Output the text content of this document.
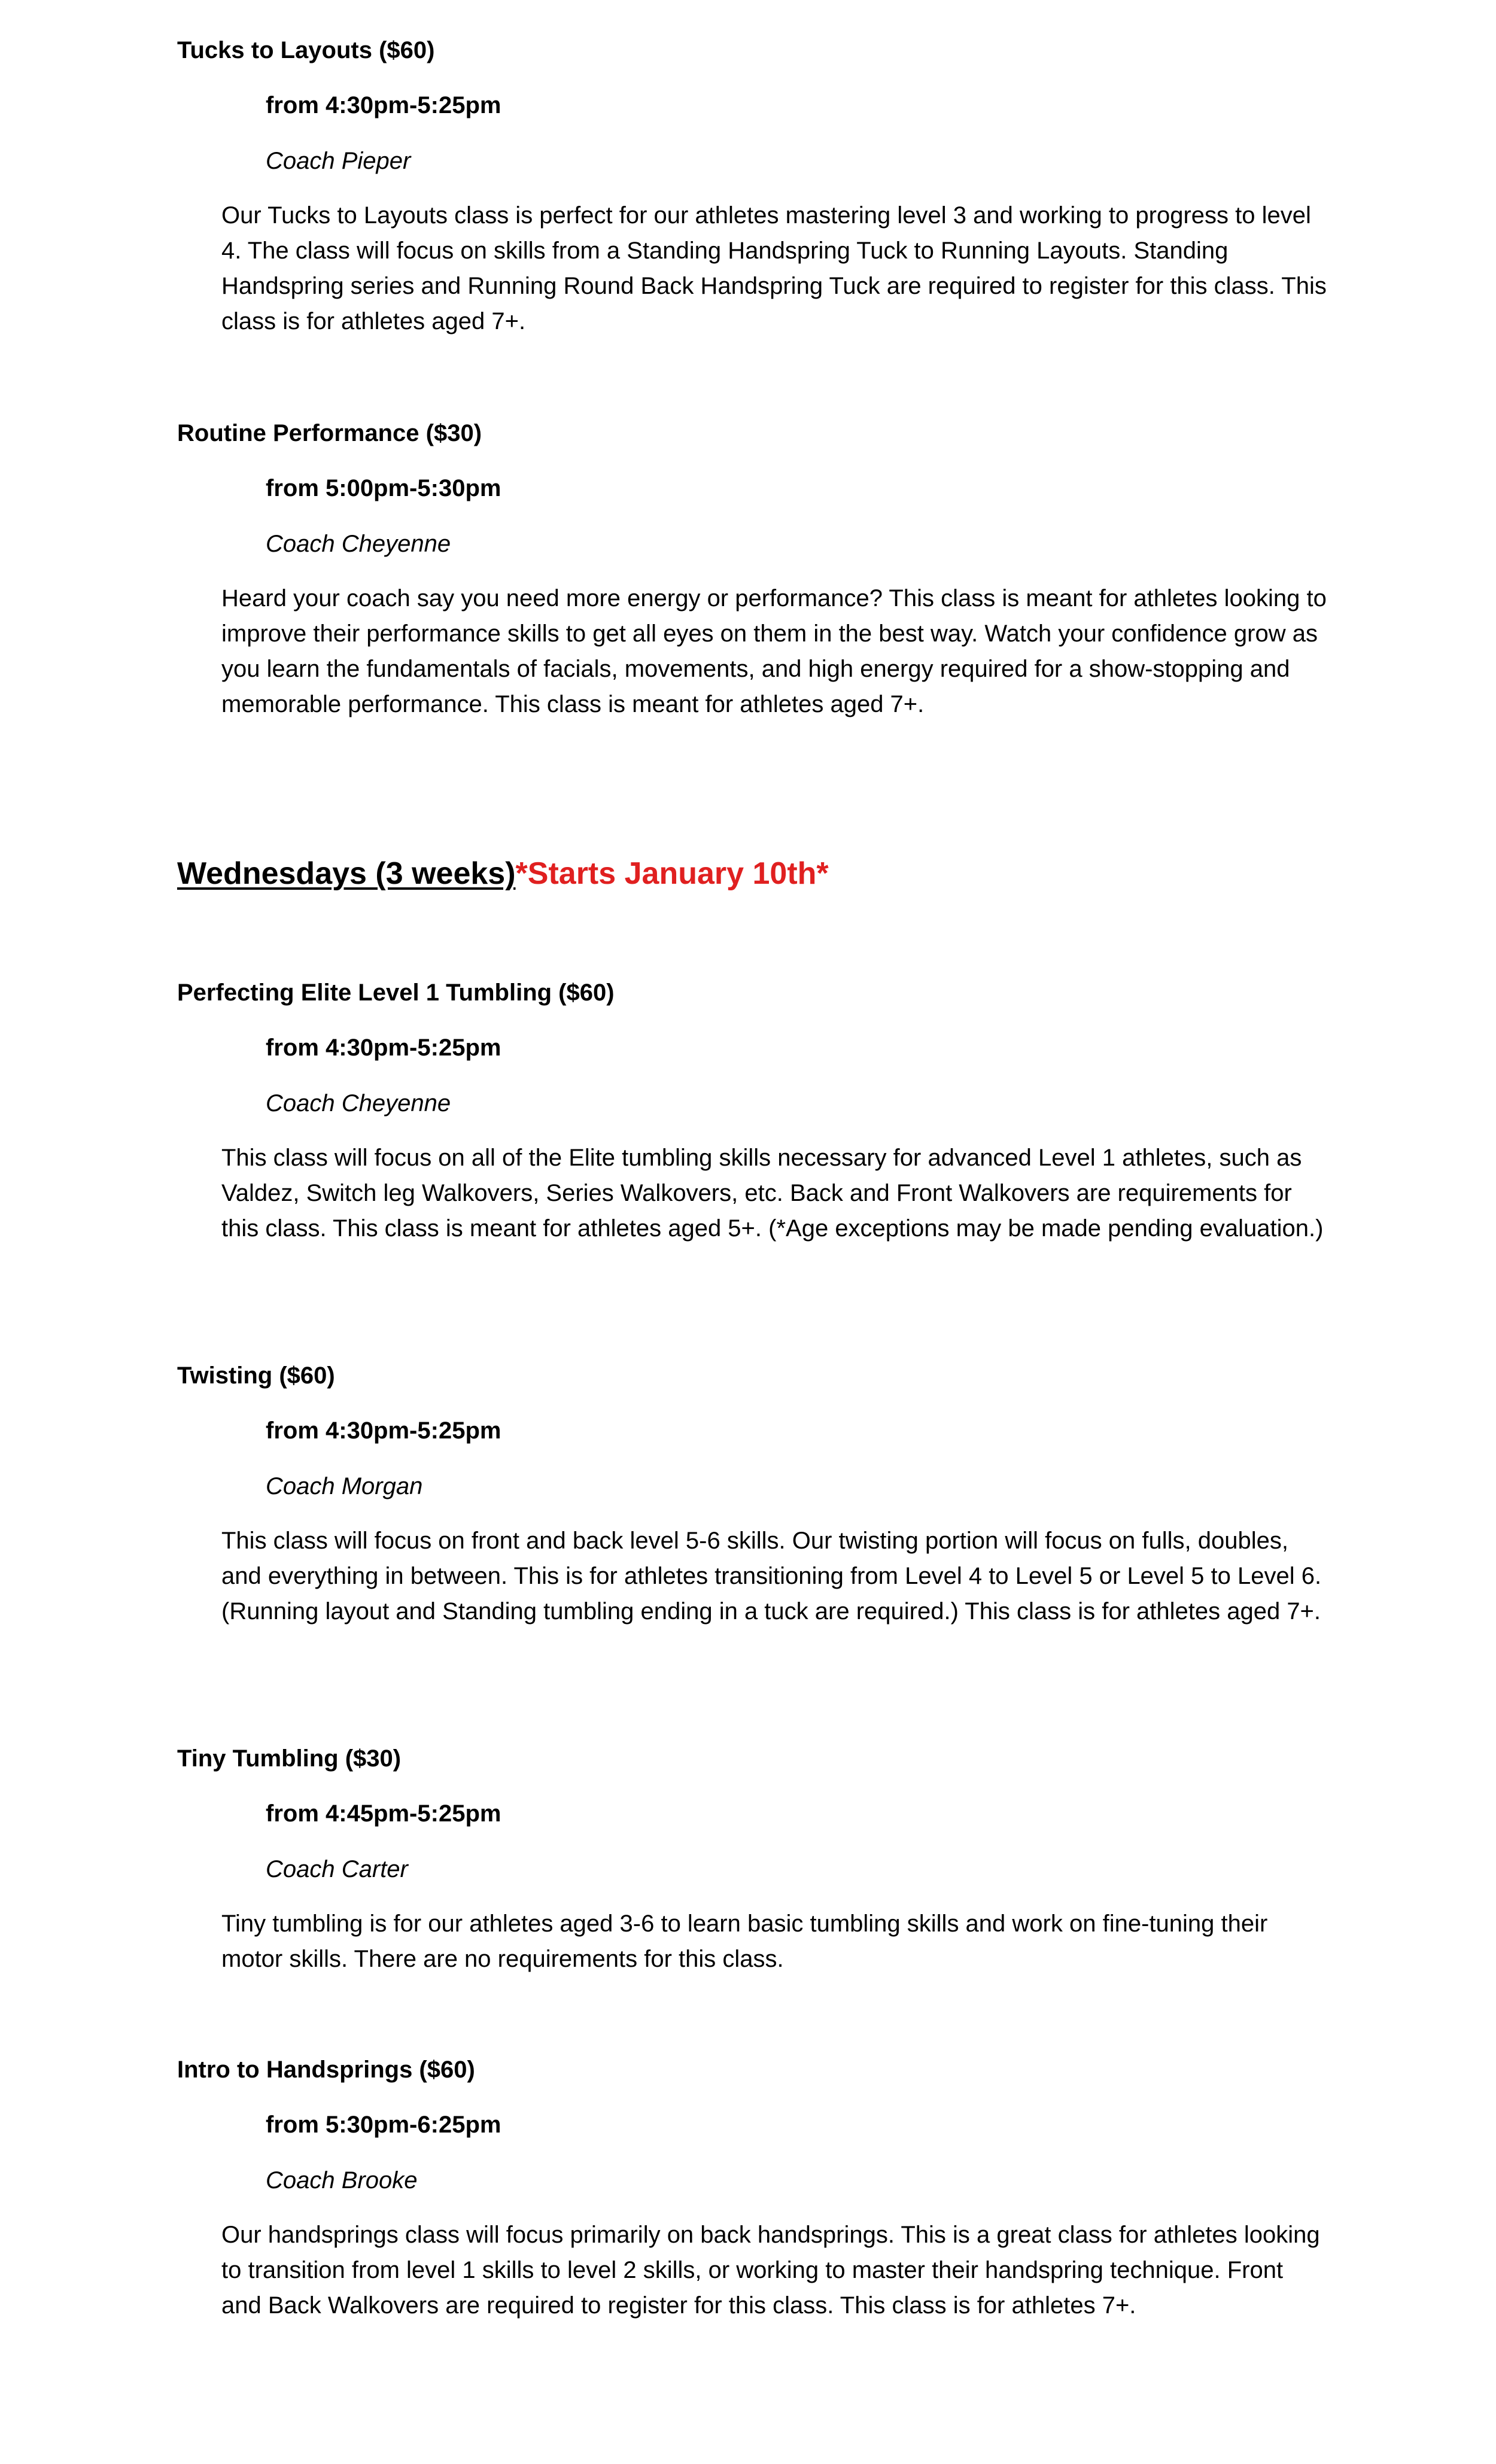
Tucks to Layouts ($60)
from 4:30pm-5:25pm
Coach Pieper

Our Tucks to Layouts class is perfect for our athletes mastering level 3 and working to progress to level 4. The class will focus on skills from a Standing Handspring Tuck to Running Layouts. Standing Handspring series and Running Round Back Handspring Tuck are required to register for this class. This class is for athletes aged 7+.

Routine Performance ($30)
from 5:00pm-5:30pm
Coach Cheyenne

Heard your coach say you need more energy or performance? This class is meant for athletes looking to improve their performance skills to get all eyes on them in the best way. Watch your confidence grow as you learn the fundamentals of facials, movements, and high energy required for a show-stopping and memorable performance. This class is meant for athletes aged 7+.

Wednesdays (3 weeks)*Starts January 10th*
Perfecting Elite Level 1 Tumbling ($60)
from 4:30pm-5:25pm
Coach Cheyenne

This class will focus on all of the Elite tumbling skills necessary for advanced Level 1 athletes, such as Valdez, Switch leg Walkovers, Series Walkovers, etc. Back and Front Walkovers are requirements for this class. This class is meant for athletes aged 5+. (*Age exceptions may be made pending evaluation.)

Twisting ($60)
from 4:30pm-5:25pm
Coach Morgan

This class will focus on front and back level 5-6 skills. Our twisting portion will focus on fulls, doubles, and everything in between. This is for athletes transitioning from Level 4 to Level 5 or Level 5 to Level 6. (Running layout and Standing tumbling ending in a tuck are required.) This class is for athletes aged 7+.

Tiny Tumbling ($30)
from 4:45pm-5:25pm
Coach Carter

Tiny tumbling is for our athletes aged 3-6 to learn basic tumbling skills and work on fine-tuning their motor skills. There are no requirements for this class.

Intro to Handsprings ($60)
from 5:30pm-6:25pm
Coach Brooke

Our handsprings class will focus primarily on back handsprings. This is a great class for athletes looking to transition from level 1 skills to level 2 skills, or working to master their handspring technique. Front and Back Walkovers are required to register for this class. This class is for athletes 7+.
